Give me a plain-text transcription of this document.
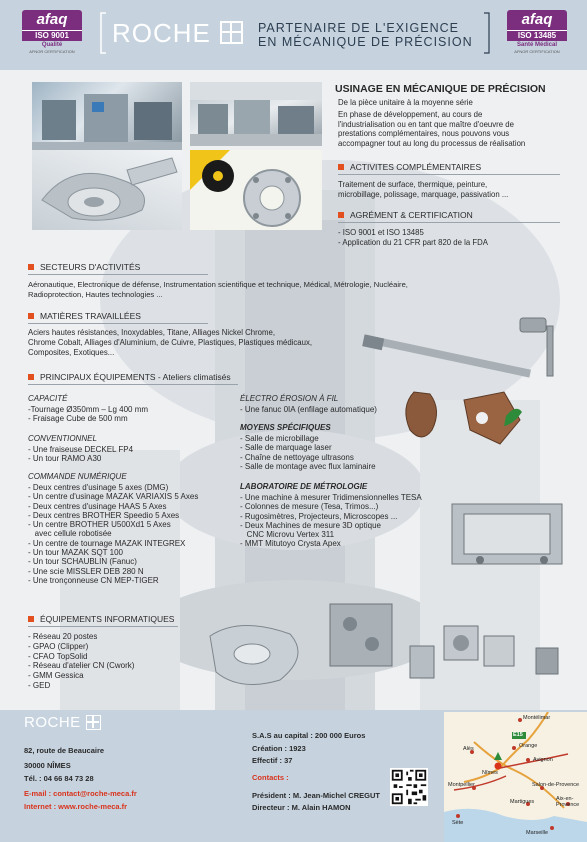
afaq
ISO 9001
Qualité
AFNOR CERTIFICATION
ROCHE	PARTENAIRE DE L'EXIGENCE
EN MÉCANIQUE DE PRÉCISION
afaq
ISO 13485
Santé Médical
AFNOR CERTIFICATION
USINAGE EN MÉCANIQUE DE PRÉCISION
De la pièce unitaire à la moyenne série
En phase de développement, au cours de
l'industrialisation ou en tant que maître d'oeuvre de
prestations complémentaires, nous pouvons vous
accompagner tout au long du processus de réalisation
ACTIVITES COMPLÉMENTAIRES
Traitement de surface, thermique, peinture,
microbillage, polissage, marquage, passivation ...
AGRÉMENT & CERTIFICATION
- ISO 9001 et ISO 13485
- Application du 21 CFR part 820 de la FDA
SECTEURS D'ACTIVITÉS
Aéronautique, Electronique de défense, Instrumentation scientifique et technique, Médical, Métrologie, Nucléaire,
Radioprotection, Hautes technologies ...
MATIÈRES TRAVAILLÉES
Aciers hautes résistances, Inoxydables, Titane, Alliages Nickel Chrome,
Chrome Cobalt, Alliages d'Aluminium, de Cuivre, Plastiques, Plastiques médicaux,
Composites, Exotiques...
PRINCIPAUX ÉQUIPEMENTS - Ateliers climatisés
CAPACITÉ
-Tournage Ø350mm – Lg 400 mm
- Fraisage Cube de 500 mm
CONVENTIONNEL
- Une fraiseuse DECKEL FP4
- Un tour RAMO A30
COMMANDE NUMÉRIQUE
- Deux centres d'usinage 5 axes (DMG)
- Un centre d'usinage MAZAK VARIAXIS 5 Axes
- Deux centres d'usinage HAAS 5 Axes
- Deux centres BROTHER Speedio 5 Axes
- Un centre BROTHER U500Xd1 5 Axes
avec cellule robotisée
- Un centre de tournage MAZAK INTEGREX
- Un tour MAZAK SQT 100
- Un tour SCHAUBLIN (Fanuc)
- Une scie MISSLER DEB 280 N
- Une tronçonneuse CN MEP-TIGER
ÉLECTRO ÉROSION À FIL
- Une fanuc 0IA (enfilage automatique)
MOYENS SPÉCIFIQUES
- Salle de microbillage
- Salle de marquage laser
- Chaîne de nettoyage ultrasons
- Salle de montage avec flux laminaire
LABORATOIRE DE MÉTROLOGIE
- Une machine à mesurer Tridimensionnelles TESA
- Colonnes de mesure (Tesa, Trimos...)
- Rugosimètres, Projecteurs, Microscopes ...
- Deux Machines de mesure 3D optique
CNC Microvu Vertex 311
- MMT Mitutoyo Crysta Apex
ÉQUIPEMENTS INFORMATIQUES
- Réseau 20 postes
- GPAO (Clipper)
- CFAO TopSolid
- Réseau d'atelier CN (Cwork)
- GMM Gessica
- GED
ROCHE
82, route de Beaucaire
30000 NÎMES
Tél. : 04 66 84 73 28
E-mail : contact@roche-meca.fr
Internet : www.roche-meca.fr
S.A.S au capital : 200 000 Euros
Création : 1923
Effectif : 37
Contacts :
Président : M. Jean-Michel CREGUT
Directeur : M. Alain HAMON
Montélimar
Orange
Alès
Avignon
Nîmes
Salon-de-Provence
Montpellier
Martigues	Aix-en-Provence
Sète
Marseille
E15
